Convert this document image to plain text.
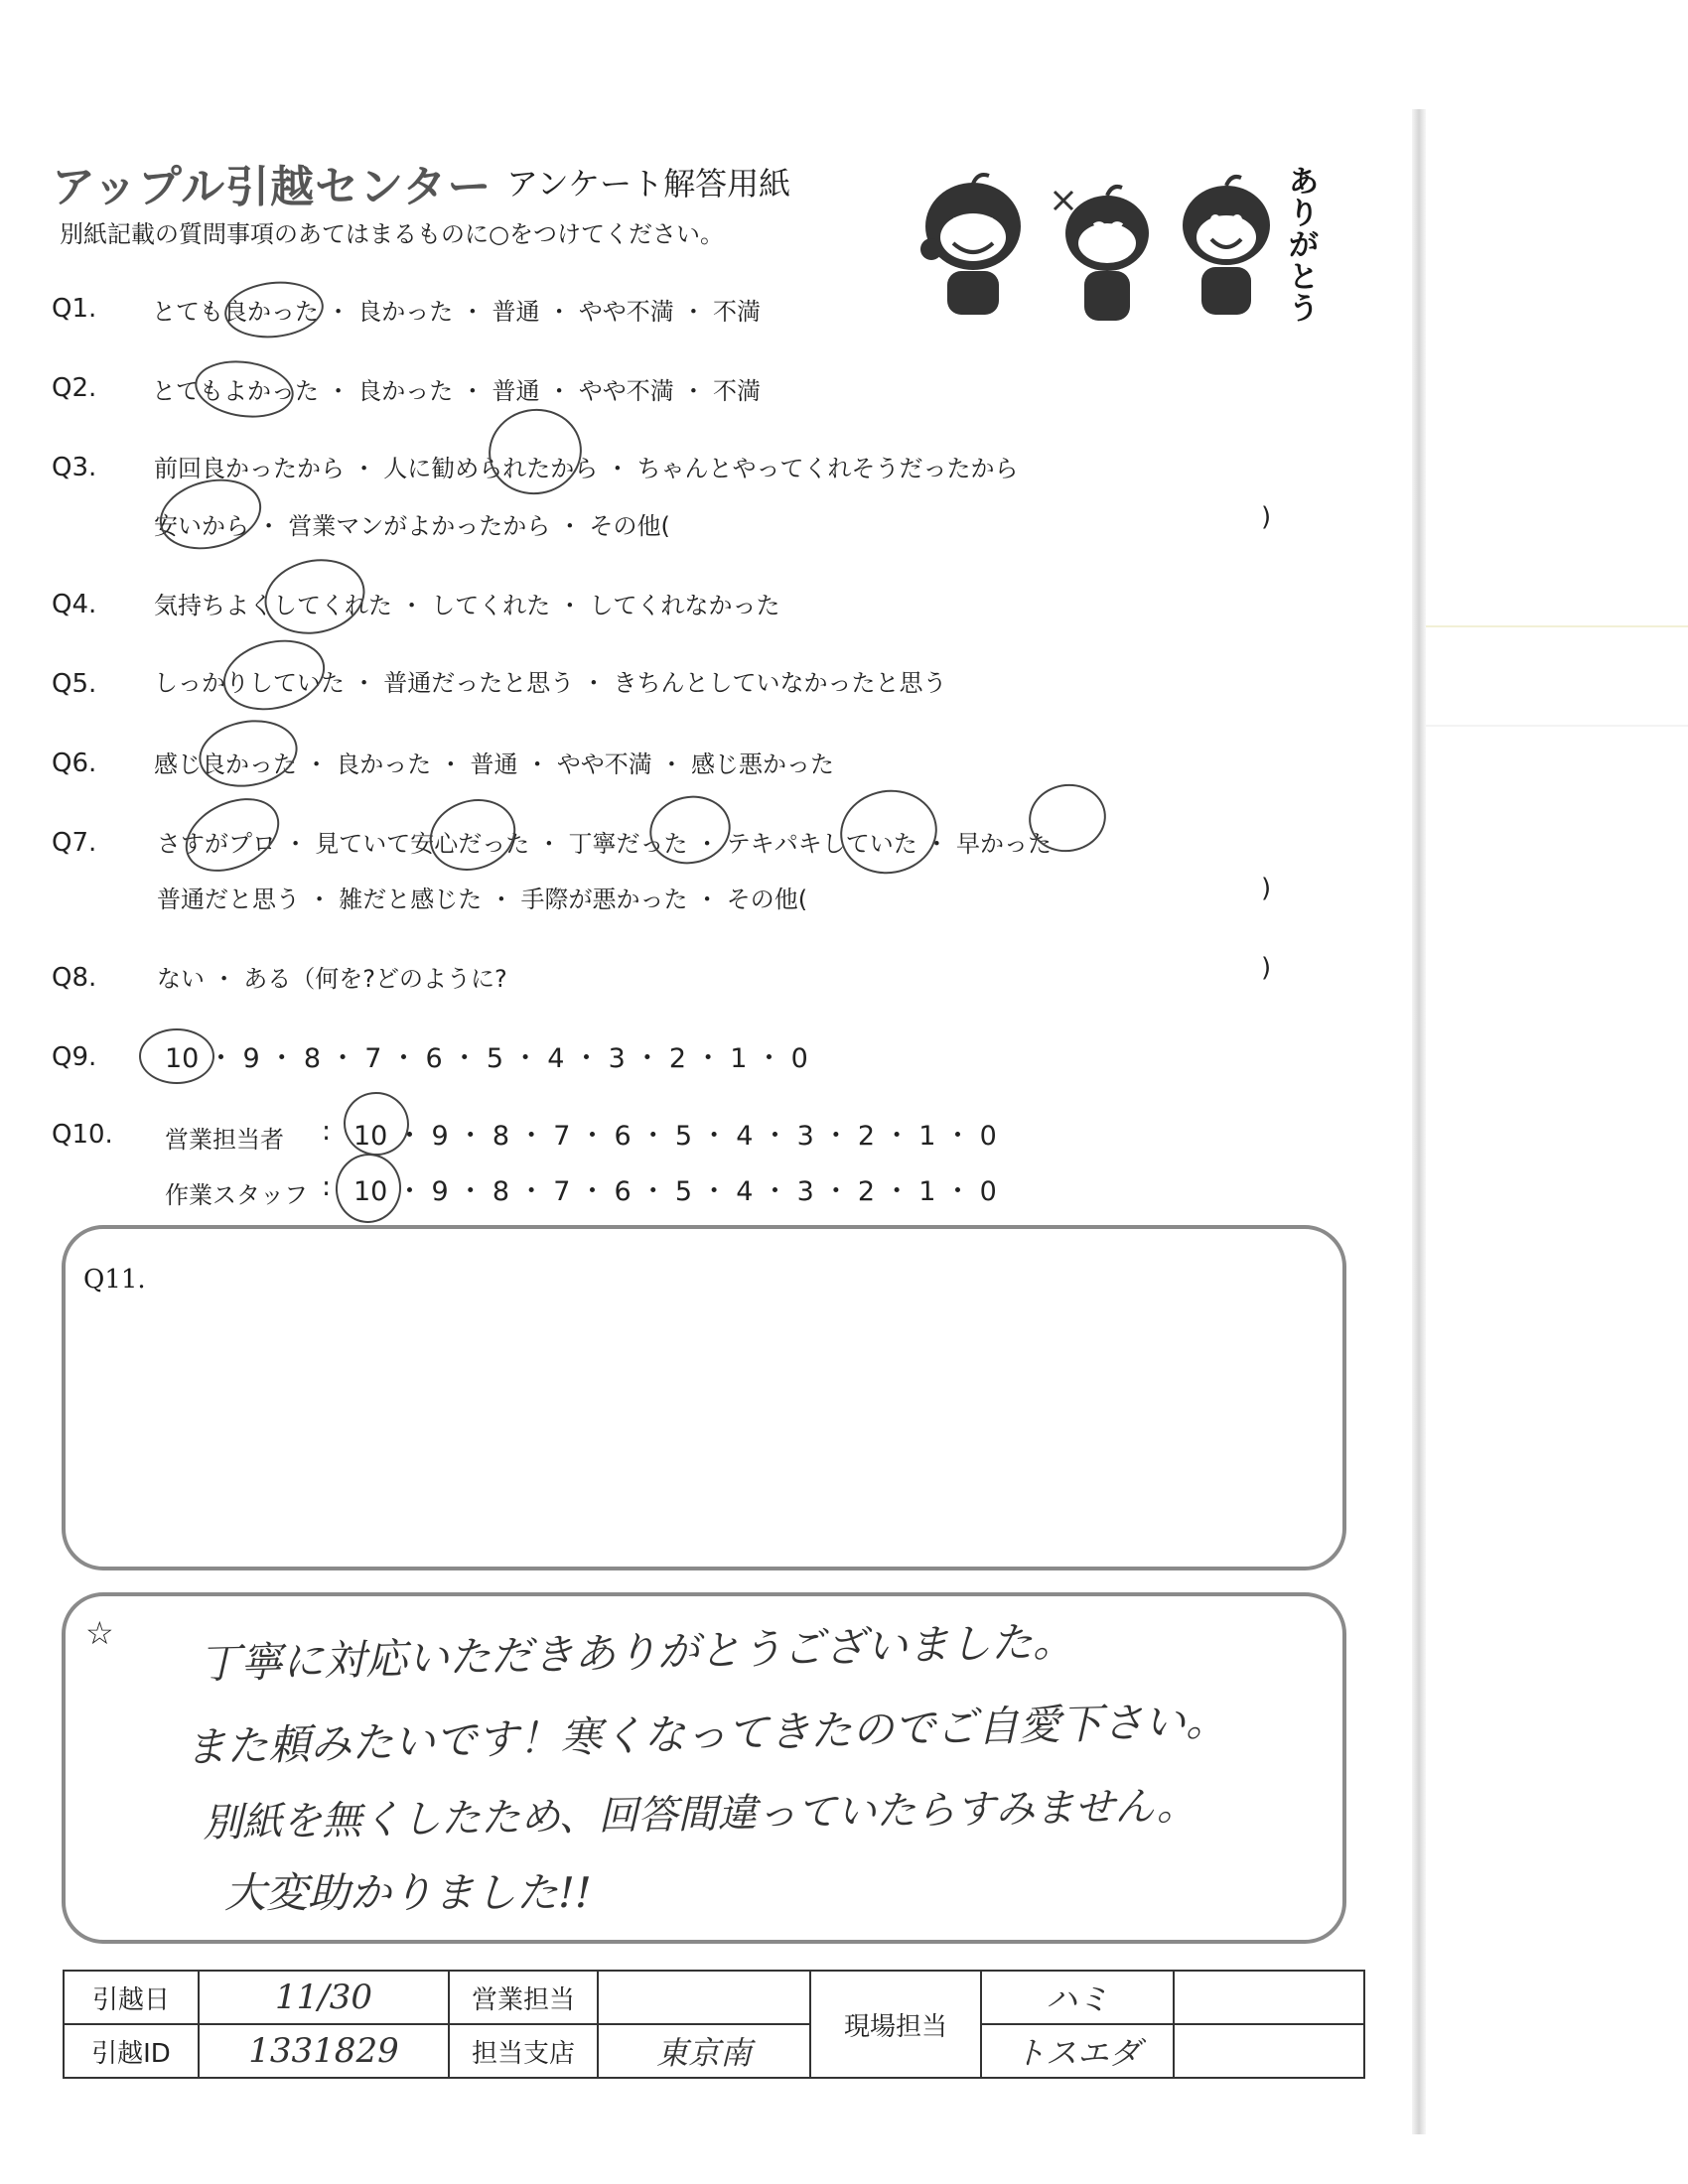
アップル引越センター アンケート解答用紙
別紙記載の質問事項のあてはまるものに○をつけてください。
ありがとう
Q1. とても良かった ・ 良かった ・ 普通 ・ やや不満 ・ 不満
Q2. とてもよかった ・ 良かった ・ 普通 ・ やや不満 ・ 不満
Q3. 前回良かったから ・ 人に勧められたから ・ ちゃんとやってくれそうだったから
安いから ・ 営業マンがよかったから ・ その他(	)
Q4. 気持ちよくしてくれた ・ してくれた ・ してくれなかった
Q5. しっかりしていた ・ 普通だったと思う ・ きちんとしていなかったと思う
Q6. 感じ良かった ・ 良かった ・ 普通 ・ やや不満 ・ 感じ悪かった
Q7.	さすがプロ ・ 見ていて安心だった ・ 丁寧だった ・ テキパキしていた ・ 早かった
普通だと思う ・ 雑だと感じた ・ 手際が悪かった ・ その他(	)
Q8.	ない ・ ある（何を?どのように?	)
Q9.	10 ・ 9 ・ 8 ・ 7 ・ 6 ・ 5 ・ 4 ・ 3 ・ 2 ・ 1 ・ 0
Q10. 営業担当者 : 10 ・ 9 ・ 8 ・ 7 ・ 6 ・ 5 ・ 4 ・ 3 ・ 2 ・ 1 ・ 0
作業スタッフ : 10 ・ 9 ・ 8 ・ 7 ・ 6 ・ 5 ・ 4 ・ 3 ・ 2 ・ 1 ・ 0
Q11.
☆ 丁寧に対応いただきありがとうございました。
また頼みたいです！寒くなってきたのでご自愛下さい。
別紙を無くしたため、回答間違っていたらすみません。
大変助かりました!!
引越日	11/30	営業担当		現場担当	ハミ	
引越ID	1331829	担当支店	東京南		トスエダ	
